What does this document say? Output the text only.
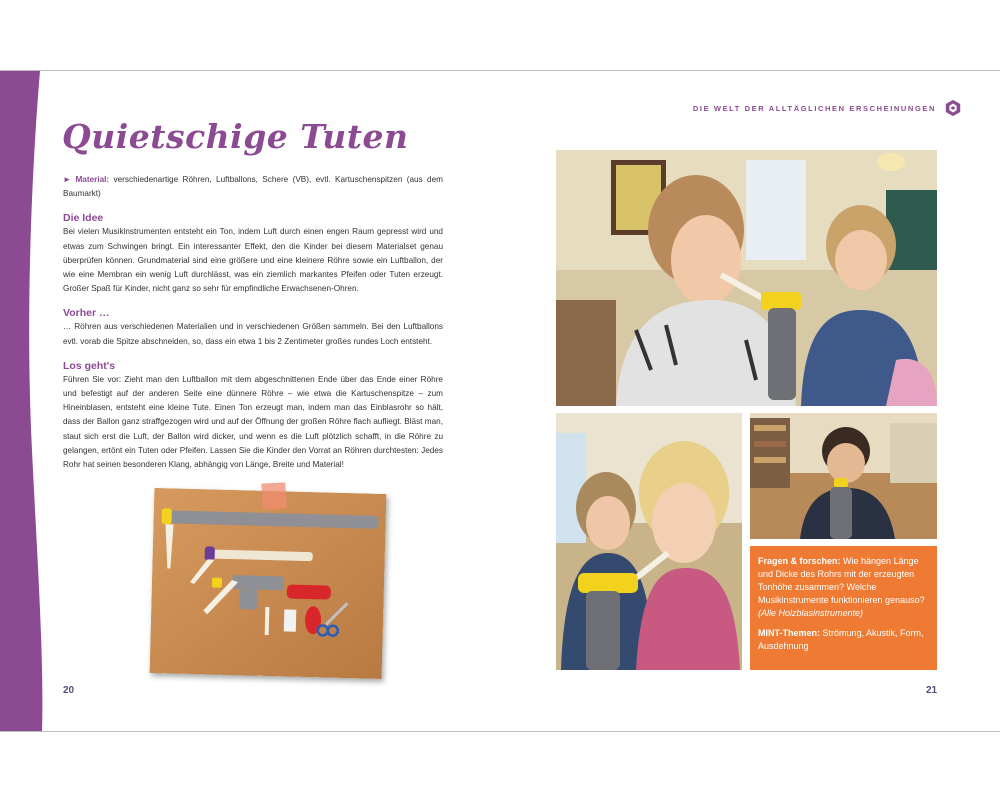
Quietschige Tuten

► Material: verschiedenartige Röhren, Luftballons, Schere (VB), evtl. Kartuschenspitzen (aus dem Baumarkt)

Die Idee

Bei vielen Musikinstrumenten entsteht ein Ton, indem Luft durch einen engen Raum gepresst wird und etwas zum Schwingen bringt. Ein interessanter Effekt, den die Kinder bei diesem Materialset genau überprüfen können. Grundmaterial sind eine größere und eine kleinere Röhre sowie ein Luftballon, der wie eine Membran ein wenig Luft durchlässt, was ein ziemlich markantes Pfeifen oder Tuten erzeugt. Großer Spaß für Kinder, nicht ganz so sehr für empfindliche Erwachsenen-Ohren.

Vorher …

… Röhren aus verschiedenen Materialien und in verschiedenen Größen sammeln. Bei den Luftballons evtl. vorab die Spitze abschneiden, so, dass ein etwa 1 bis 2 Zentimeter großes rundes Loch entsteht.

Los geht's

Führen Sie vor: Zieht man den Luftballon mit dem abgeschnittenen Ende über das Ende einer Röhre und befestigt auf der anderen Seite eine dünnere Röhre – wie etwa die Kartuschenspitze – zum Hineinblasen, entsteht eine kleine Tute. Einen Ton erzeugt man, indem man das Einblasrohr so hält, dass der Ballon ganz straffgezogen wird und auf der Öffnung der großen Röhre flach aufliegt. Bläst man, staut sich erst die Luft, der Ballon wird dicker, und wenn es die Luft plötzlich schafft, in die Röhre zu gelangen, ertönt ein Tuten oder Pfeifen. Lassen Sie die Kinder den Vorrat an Röhren durchtesten: Jedes Rohr hat seinen besonderen Klang, abhängig von Länge, Breite und Material!

20	21
DIE WELT DER ALLTÄGLICHEN ERSCHEINUNGEN

Fragen & forschen: Wie hängen Länge und Dicke des Rohrs mit der erzeugten Tonhöhe zusammen? Welche Musikinstrumente funktionieren genauso?
(Alle Holzblasinstrumente)

MINT-Themen: Strömung, Akustik, Form, Ausdehnung
